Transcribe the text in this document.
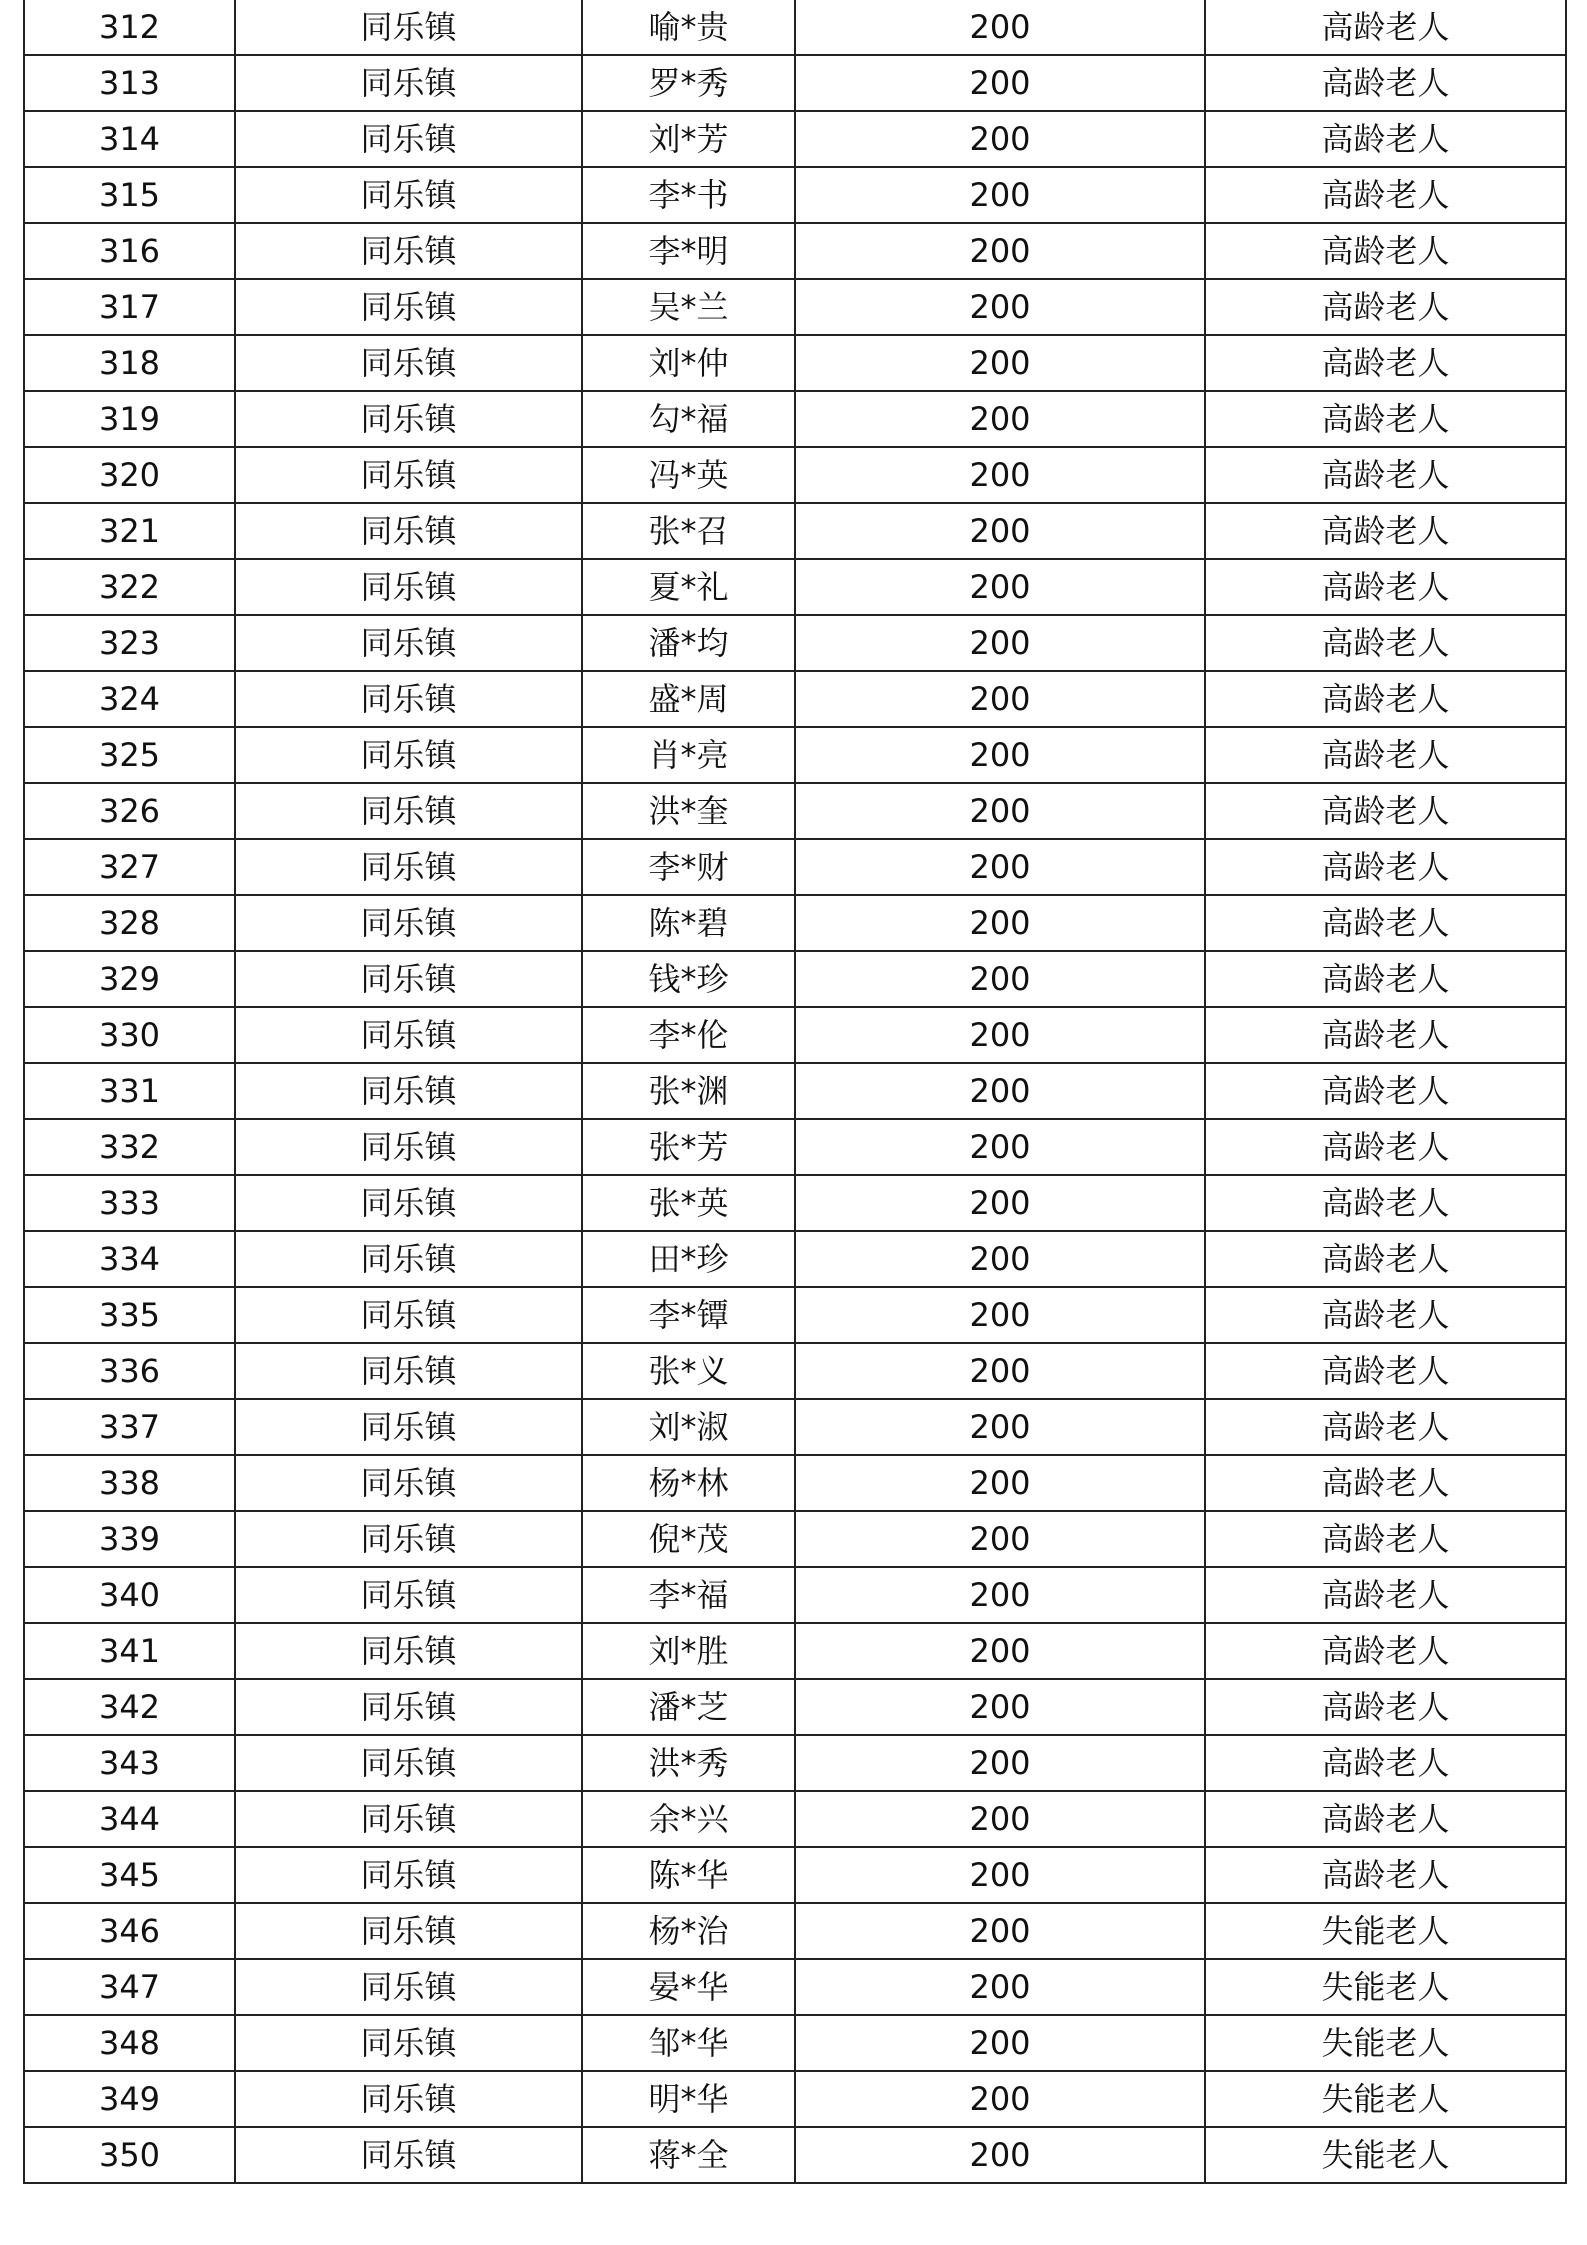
312	同乐镇	喻*贵	200	高龄老人
313	同乐镇	罗*秀	200	高龄老人
314	同乐镇	刘*芳	200	高龄老人
315	同乐镇	李*书	200	高龄老人
316	同乐镇	李*明	200	高龄老人
317	同乐镇	吴*兰	200	高龄老人
318	同乐镇	刘*仲	200	高龄老人
319	同乐镇	勾*福	200	高龄老人
320	同乐镇	冯*英	200	高龄老人
321	同乐镇	张*召	200	高龄老人
322	同乐镇	夏*礼	200	高龄老人
323	同乐镇	潘*均	200	高龄老人
324	同乐镇	盛*周	200	高龄老人
325	同乐镇	肖*亮	200	高龄老人
326	同乐镇	洪*奎	200	高龄老人
327	同乐镇	李*财	200	高龄老人
328	同乐镇	陈*碧	200	高龄老人
329	同乐镇	钱*珍	200	高龄老人
330	同乐镇	李*伦	200	高龄老人
331	同乐镇	张*渊	200	高龄老人
332	同乐镇	张*芳	200	高龄老人
333	同乐镇	张*英	200	高龄老人
334	同乐镇	田*珍	200	高龄老人
335	同乐镇	李*镡	200	高龄老人
336	同乐镇	张*义	200	高龄老人
337	同乐镇	刘*淑	200	高龄老人
338	同乐镇	杨*林	200	高龄老人
339	同乐镇	倪*茂	200	高龄老人
340	同乐镇	李*福	200	高龄老人
341	同乐镇	刘*胜	200	高龄老人
342	同乐镇	潘*芝	200	高龄老人
343	同乐镇	洪*秀	200	高龄老人
344	同乐镇	余*兴	200	高龄老人
345	同乐镇	陈*华	200	高龄老人
346	同乐镇	杨*治	200	失能老人
347	同乐镇	晏*华	200	失能老人
348	同乐镇	邹*华	200	失能老人
349	同乐镇	明*华	200	失能老人
350	同乐镇	蒋*全	200	失能老人
